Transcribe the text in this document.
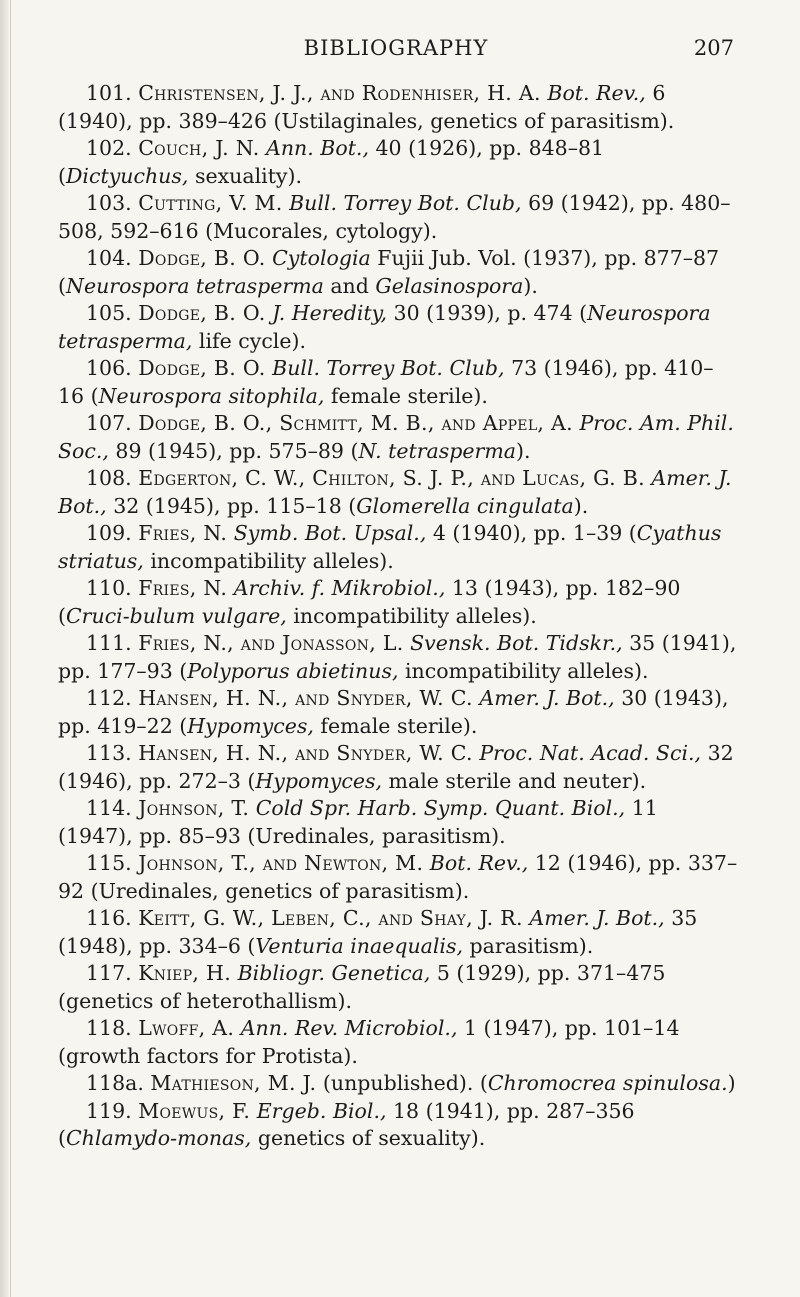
BIBLIOGRAPHY	207

101. Christensen, J. J., and Rodenhiser, H. A. Bot. Rev., 6 (1940), pp. 389–426 (Ustilaginales, genetics of parasitism).

102. Couch, J. N. Ann. Bot., 40 (1926), pp. 848–81 (Dictyuchus, sexuality).

103. Cutting, V. M. Bull. Torrey Bot. Club, 69 (1942), pp. 480–508, 592–616 (Mucorales, cytology).

104. Dodge, B. O. Cytologia Fujii Jub. Vol. (1937), pp. 877–87 (Neurospora tetrasperma and Gelasinospora).

105. Dodge, B. O. J. Heredity, 30 (1939), p. 474 (Neurospora tetrasperma, life cycle).

106. Dodge, B. O. Bull. Torrey Bot. Club, 73 (1946), pp. 410–16 (Neurospora sitophila, female sterile).

107. Dodge, B. O., Schmitt, M. B., and Appel, A. Proc. Am. Phil. Soc., 89 (1945), pp. 575–89 (N. tetrasperma).

108. Edgerton, C. W., Chilton, S. J. P., and Lucas, G. B. Amer. J. Bot., 32 (1945), pp. 115–18 (Glomerella cingulata).

109. Fries, N. Symb. Bot. Upsal., 4 (1940), pp. 1–39 (Cyathus striatus, incompatibility alleles).

110. Fries, N. Archiv. f. Mikrobiol., 13 (1943), pp. 182–90 (Cruci-bulum vulgare, incompatibility alleles).

111. Fries, N., and Jonasson, L. Svensk. Bot. Tidskr., 35 (1941), pp. 177–93 (Polyporus abietinus, incompatibility alleles).

112. Hansen, H. N., and Snyder, W. C. Amer. J. Bot., 30 (1943), pp. 419–22 (Hypomyces, female sterile).

113. Hansen, H. N., and Snyder, W. C. Proc. Nat. Acad. Sci., 32 (1946), pp. 272–3 (Hypomyces, male sterile and neuter).

114. Johnson, T. Cold Spr. Harb. Symp. Quant. Biol., 11 (1947), pp. 85–93 (Uredinales, parasitism).

115. Johnson, T., and Newton, M. Bot. Rev., 12 (1946), pp. 337–92 (Uredinales, genetics of parasitism).

116. Keitt, G. W., Leben, C., and Shay, J. R. Amer. J. Bot., 35 (1948), pp. 334–6 (Venturia inaequalis, parasitism).

117. Kniep, H. Bibliogr. Genetica, 5 (1929), pp. 371–475 (genetics of heterothallism).

118. Lwoff, A. Ann. Rev. Microbiol., 1 (1947), pp. 101–14 (growth factors for Protista).

118a. Mathieson, M. J. (unpublished). (Chromocrea spinulosa.)

119. Moewus, F. Ergeb. Biol., 18 (1941), pp. 287–356 (Chlamydo-monas, genetics of sexuality).
